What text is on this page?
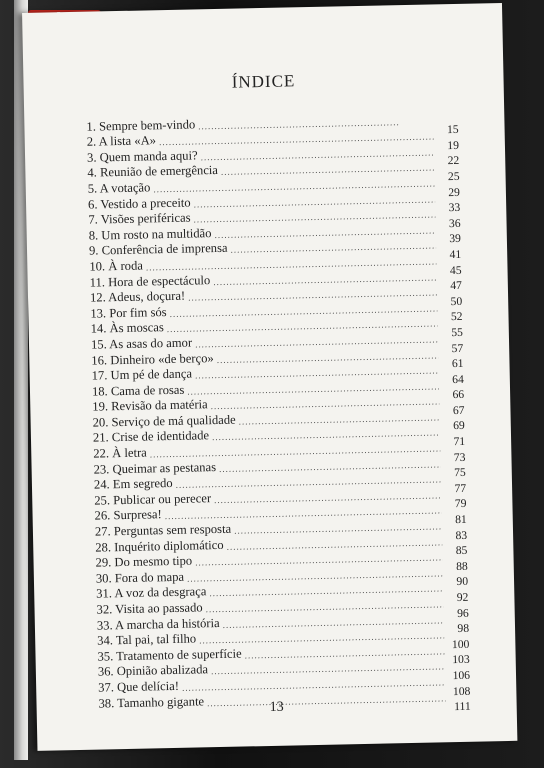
ÍNDICE
1. Sempre bem-vindo
.....
2. A lista «A»
.....
15
3. Quem manda aqui?
.....
19
4. Reunião de emergência
.....
22
5. A votação
.....
25
6. Vestido a preceito
.....
29
7. Visões periféricas
.....
33
8. Um rosto na multidão
.....
36
9. Conferência de imprensa
.....
39
10. À roda
.....
41
11. Hora de espectáculo
.....
45
12. Adeus, doçura!
.....
47
13. Por fim sós
.....
50
14. Às moscas
.....
52
15. As asas do amor
.....
55
16. Dinheiro «de berço»
.....
57
17. Um pé de dança
.....
61
18. Cama de rosas
.....
64
19. Revisão da matéria
.....
66
20. Serviço de má qualidade
.....
67
21. Crise de identidade
.....
69
22. À letra
.....
71
23. Queimar as pestanas
.....
73
24. Em segredo
.....
75
25. Publicar ou perecer
.....
77
26. Surpresa!
.....
79
27. Perguntas sem resposta
.....
81
28. Inquérito diplomático
.....
83
29. Do mesmo tipo
.....
85
30. Fora do mapa
.....
88
31. A voz da desgraça
.....
90
32. Visita ao passado
.....
92
33. A marcha da história
.....
96
34. Tal pai, tal filho
.....
98
35. Tratamento de superfície
.....
100
36. Opinião abalizada
.....
103
37. Que delícia!
.....
106
38. Tamanho gigante
.....
108
111
13
